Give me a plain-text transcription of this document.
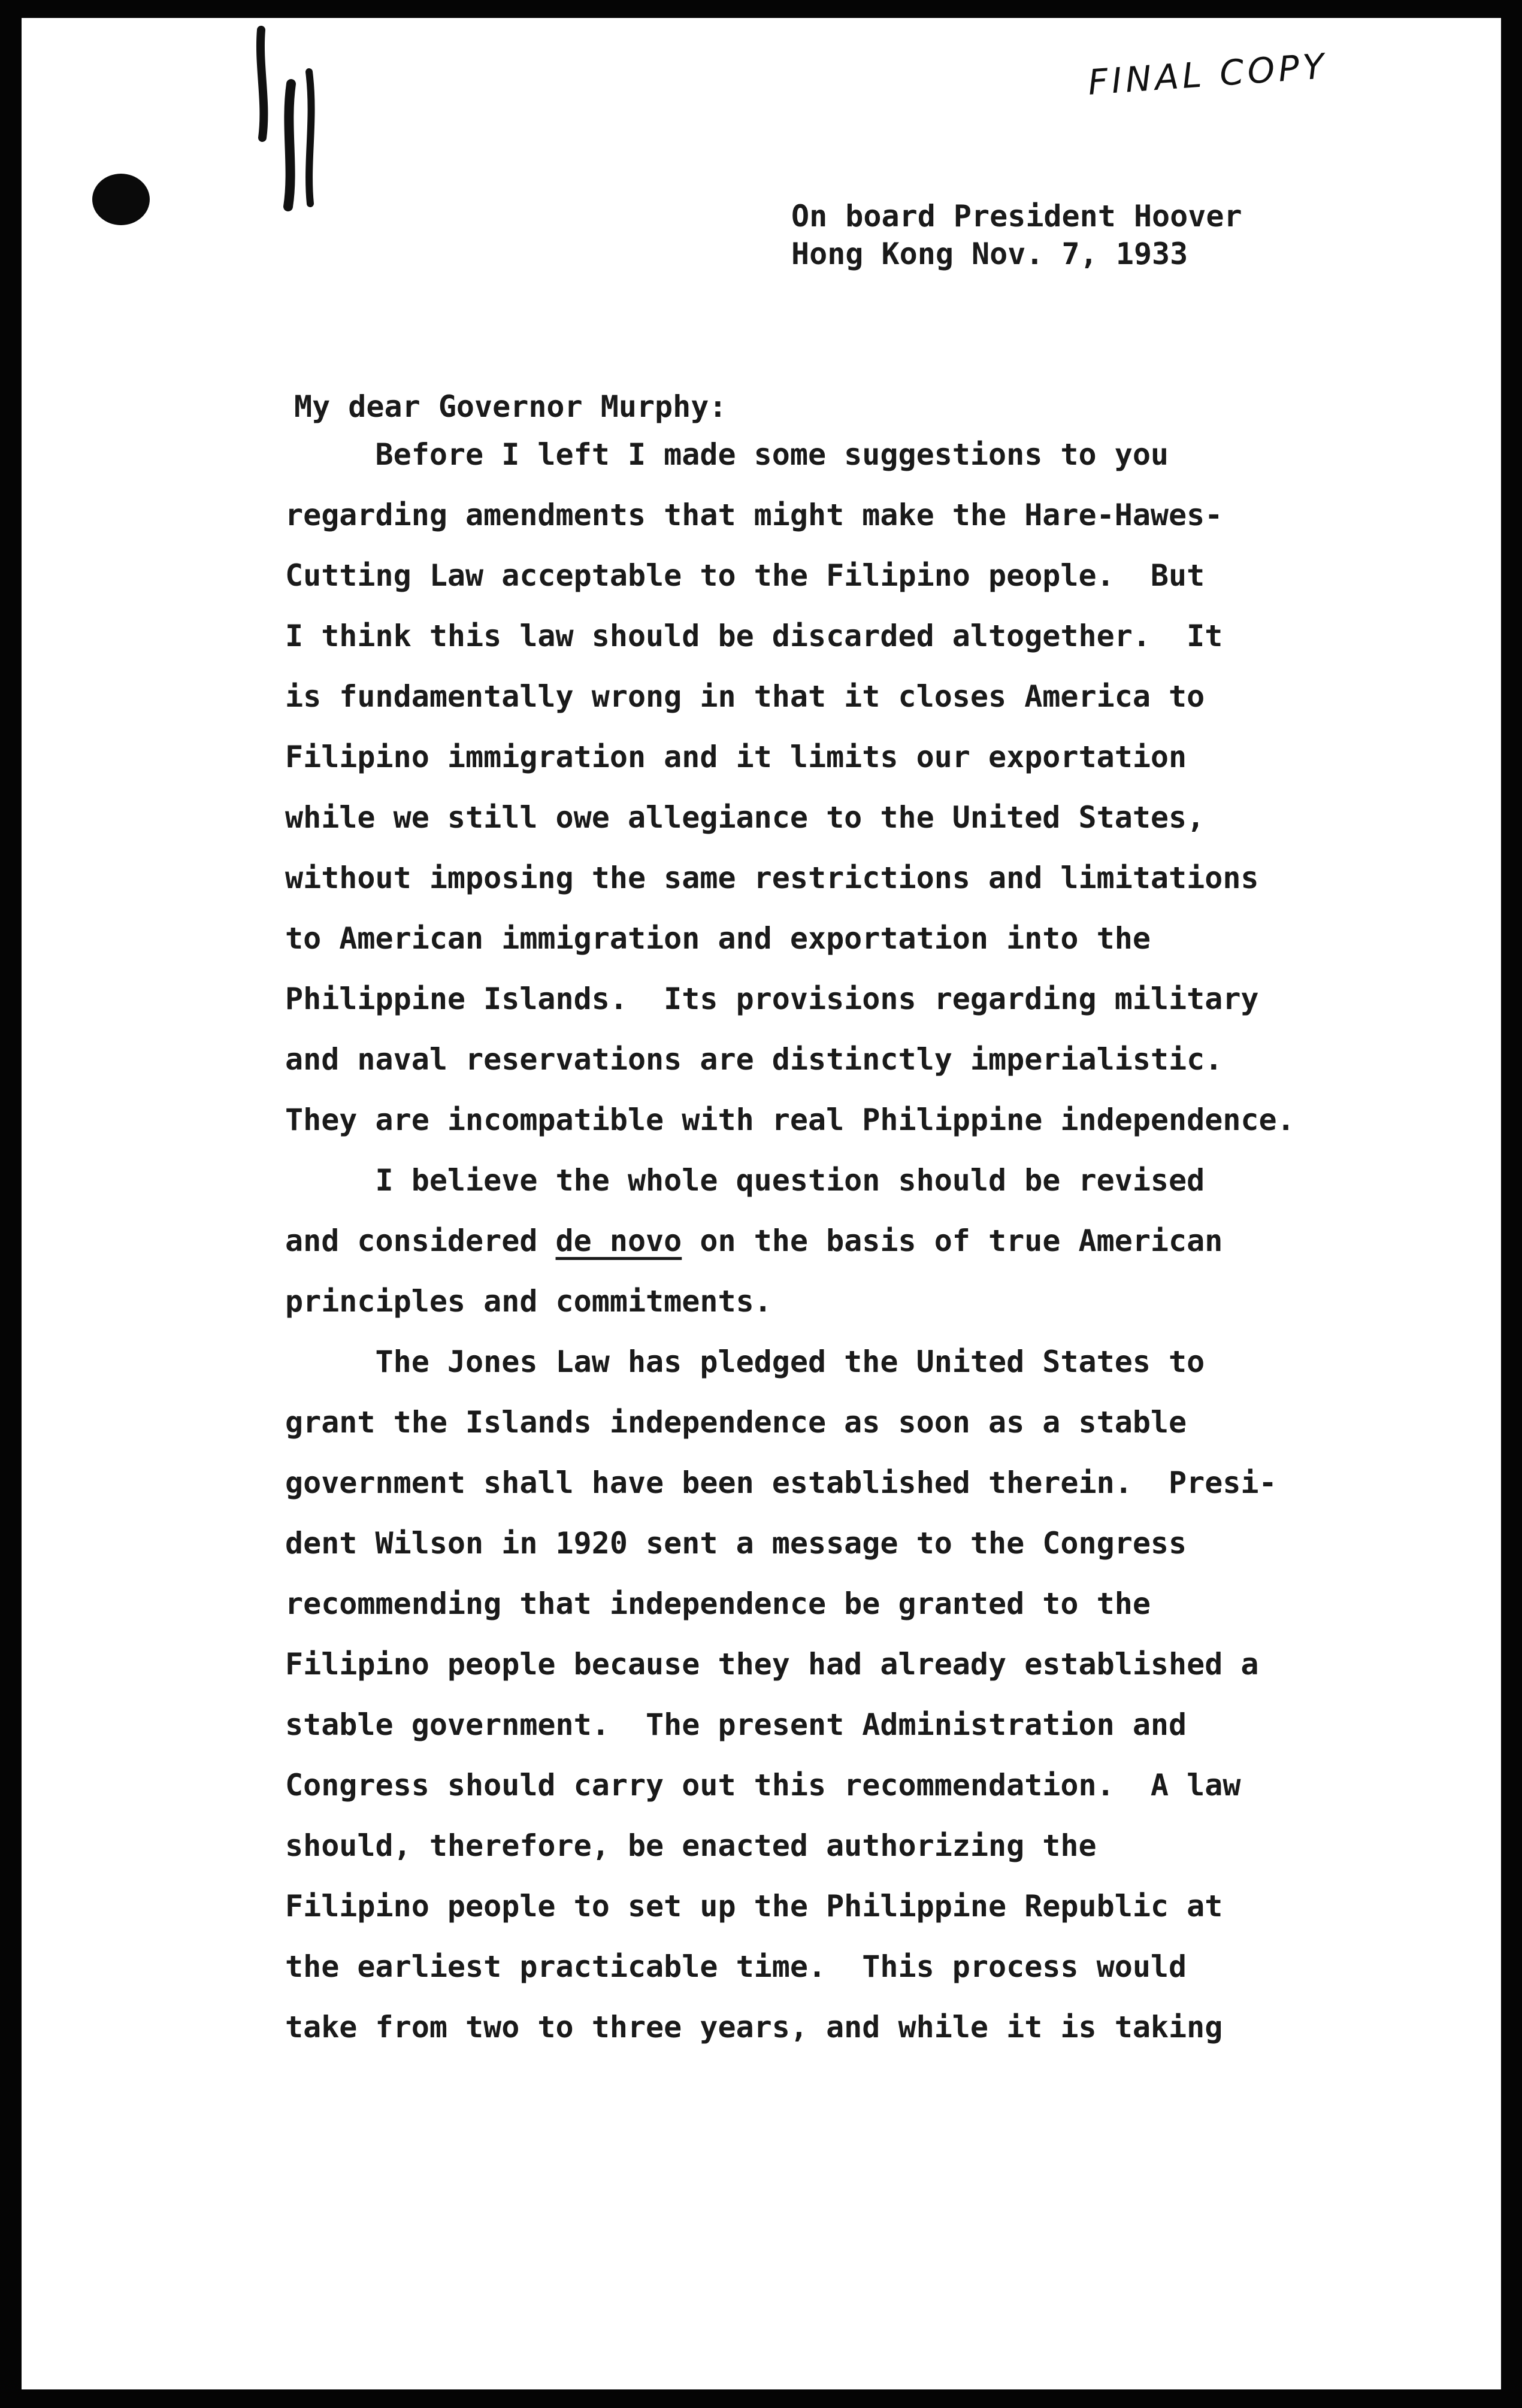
FINAL COPY
On board President Hoover
Hong Kong Nov. 7, 1933
My dear Governor Murphy:
Before I left I made some suggestions to you
regarding amendments that might make the Hare-Hawes-
Cutting Law acceptable to the Filipino people.  But
I think this law should be discarded altogether.  It
is fundamentally wrong in that it closes America to
Filipino immigration and it limits our exportation
while we still owe allegiance to the United States,
without imposing the same restrictions and limitations
to American immigration and exportation into the
Philippine Islands.  Its provisions regarding military
and naval reservations are distinctly imperialistic.
They are incompatible with real Philippine independence.
I believe the whole question should be revised
and considered de novo on the basis of true American
principles and commitments.
The Jones Law has pledged the United States to
grant the Islands independence as soon as a stable
government shall have been established therein.  Presi-
dent Wilson in 1920 sent a message to the Congress
recommending that independence be granted to the
Filipino people because they had already established a
stable government.  The present Administration and
Congress should carry out this recommendation.  A law
should, therefore, be enacted authorizing the
Filipino people to set up the Philippine Republic at
the earliest practicable time.  This process would
take from two to three years, and while it is taking
